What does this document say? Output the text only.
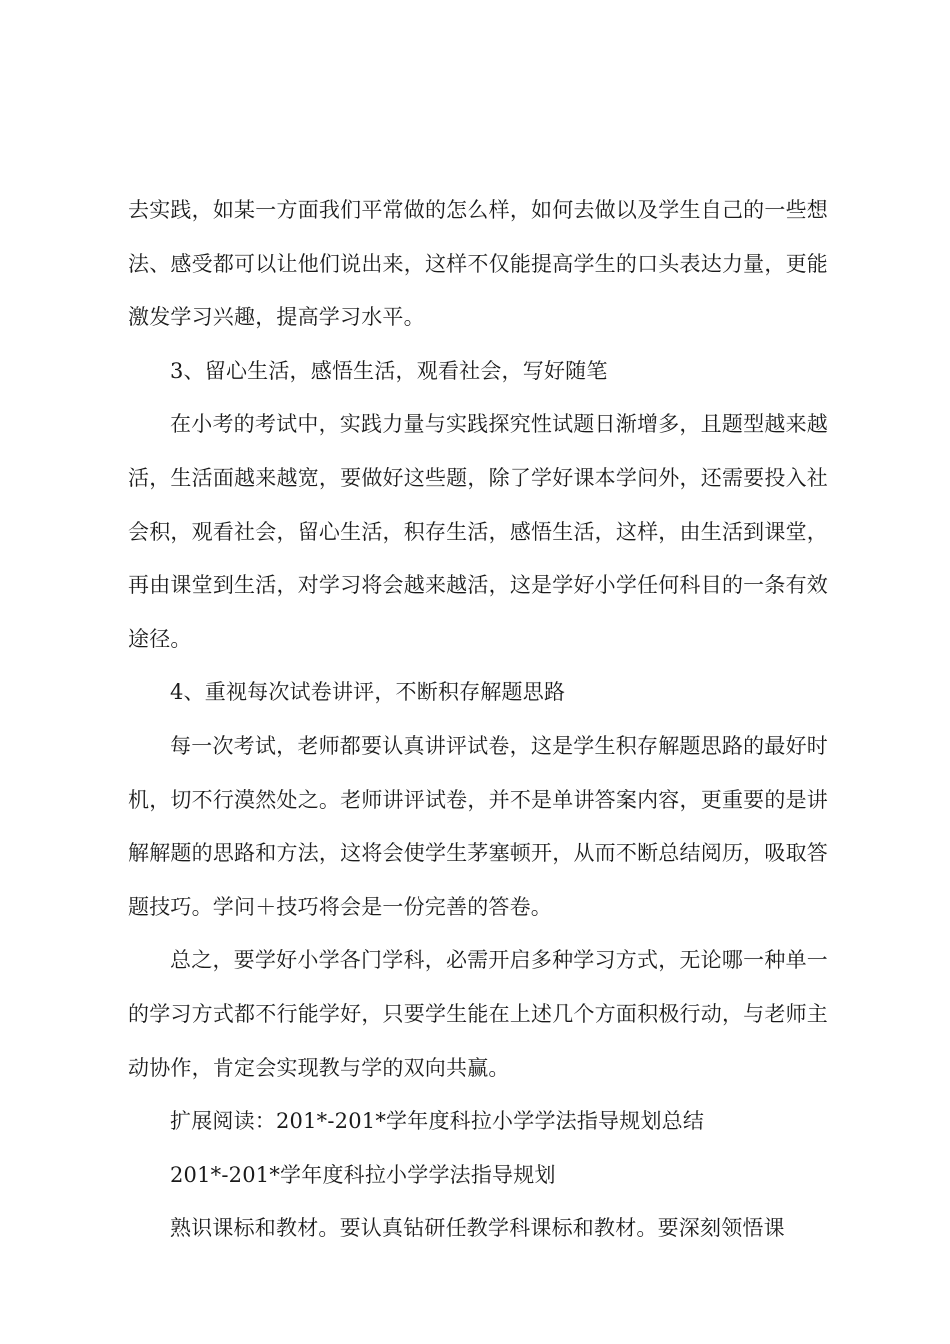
去实践，如某一方面我们平常做的怎么样，如何去做以及学生自己的一些想法、感受都可以让他们说出来，这样不仅能提高学生的口头表达力量，更能激发学习兴趣，提高学习水平。

3、留心生活，感悟生活，观看社会，写好随笔

在小考的考试中，实践力量与实践探究性试题日渐增多，且题型越来越活，生活面越来越宽，要做好这些题，除了学好课本学问外，还需要投入社会积，观看社会，留心生活，积存生活，感悟生活，这样，由生活到课堂，再由课堂到生活，对学习将会越来越活，这是学好小学任何科目的一条有效途径。

4、重视每次试卷讲评，不断积存解题思路

每一次考试，老师都要认真讲评试卷，这是学生积存解题思路的最好时机，切不行漠然处之。老师讲评试卷，并不是单讲答案内容，更重要的是讲解解题的思路和方法，这将会使学生茅塞顿开，从而不断总结阅历，吸取答题技巧。学问＋技巧将会是一份完善的答卷。

总之，要学好小学各门学科，必需开启多种学习方式，无论哪一种单一的学习方式都不行能学好，只要学生能在上述几个方面积极行动，与老师主动协作，肯定会实现教与学的双向共赢。

扩展阅读：201*-201*学年度科拉小学学法指导规划总结

201*-201*学年度科拉小学学法指导规划

熟识课标和教材。要认真钻研任教学科课标和教材。要深刻领悟课
